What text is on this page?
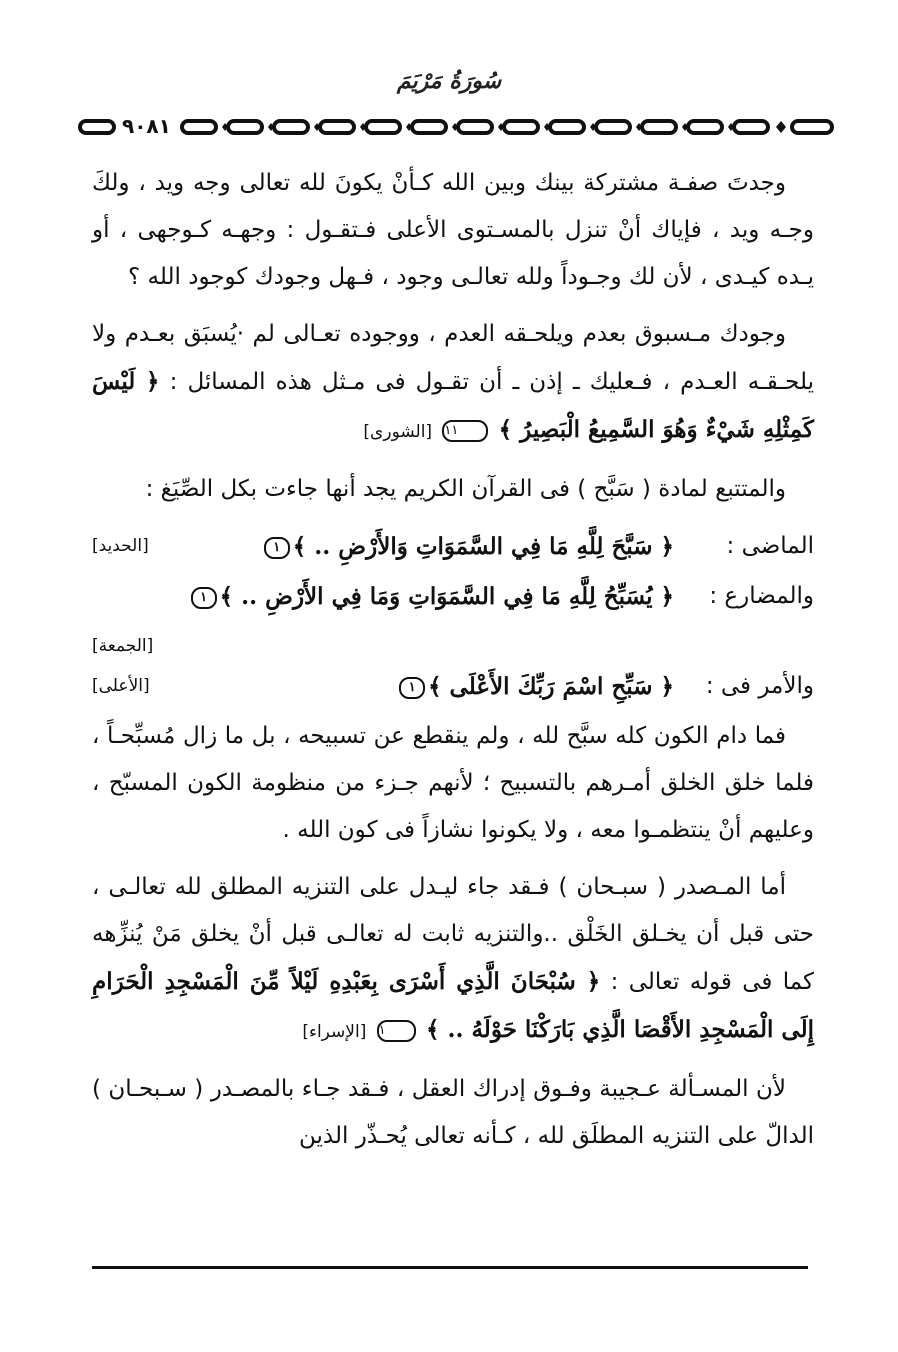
سُورَةُ مَرْيَمَ
٩٠٨١

وجدتَ صفـة مشتركة بينك وبين الله كـأنْ يكونَ لله تعالى وجه ويد ، ولكَ وجـه ويد ، فإياك أنْ تنزل بالمسـتوى الأعلى فـتقـول : وجهـه كـوجهى ، أو يـده كيـدى ، لأن لك وجـوداً ولله تعالـى وجود ، فـهل وجودك كوجود الله ؟

وجودك مـسبوق بعدم ويلحـقه العدم ، ووجوده تعـالى لم ·يُسبَق بعـدم ولا يلحـقـه العـدم ، فـعليك ـ إذن ـ أن تقـول فى مـثل هذه المسائل : ﴿ لَيْسَ كَمِثْلِهِ شَيْءٌ وَهُوَ السَّمِيعُ الْبَصِيرُ ﴾ ١١ [الشورى]

والمتتبع لمادة ( سَبَّح ) فى القرآن الكريم يجد أنها جاءت بكل الصِّيَغ :

الماضى :
﴿ سَبَّحَ لِلَّهِ مَا فِي السَّمَوَاتِ وَالأَرْضِ .. ﴾١
[الحديد]
والمضارع :
﴿ يُسَبِّحُ لِلَّهِ مَا فِي السَّمَوَاتِ وَمَا فِي الأَرْضِ .. ﴾١
[الجمعة]
والأمر فى :
﴿ سَبِّحِ اسْمَ رَبِّكَ الأَعْلَى ﴾١
[الأعلى]

فما دام الكون كله سبَّح لله ، ولم ينقطع عن تسبيحه ، بل ما زال مُسبِّحـاً ، فلما خلق الخلق أمـرهم بالتسبيح ؛ لأنهم جـزء من منظومة الكون المسبّح ، وعليهم أنْ ينتظمـوا معه ، ولا يكونوا نشازاً فى كون الله .

أما المـصدر ( سبـحان ) فـقد جاء ليـدل على التنزيه المطلق لله تعالـى ، حتى قبل أن يخـلق الخَلْق ..والتنزيه ثابت له تعالـى قبل أنْ يخلق مَنْ يُنزِّهه كما فى قوله تعالى : ﴿ سُبْحَانَ الَّذِي أَسْرَى بِعَبْدِهِ لَيْلاً مِّنَ الْمَسْجِدِ الْحَرَامِ إِلَى الْمَسْجِدِ الأَقْصَا الَّذِي بَارَكْنَا حَوْلَهُ .. ﴾ ١ [الإسراء]

لأن المسـألة عـجيبة وفـوق إدراك العقل ، فـقد جـاء بالمصـدر ( سـبحـان ) الدالّ على التنزيه المطلَق لله ، كـأنه تعالى يُحـذّر الذين
